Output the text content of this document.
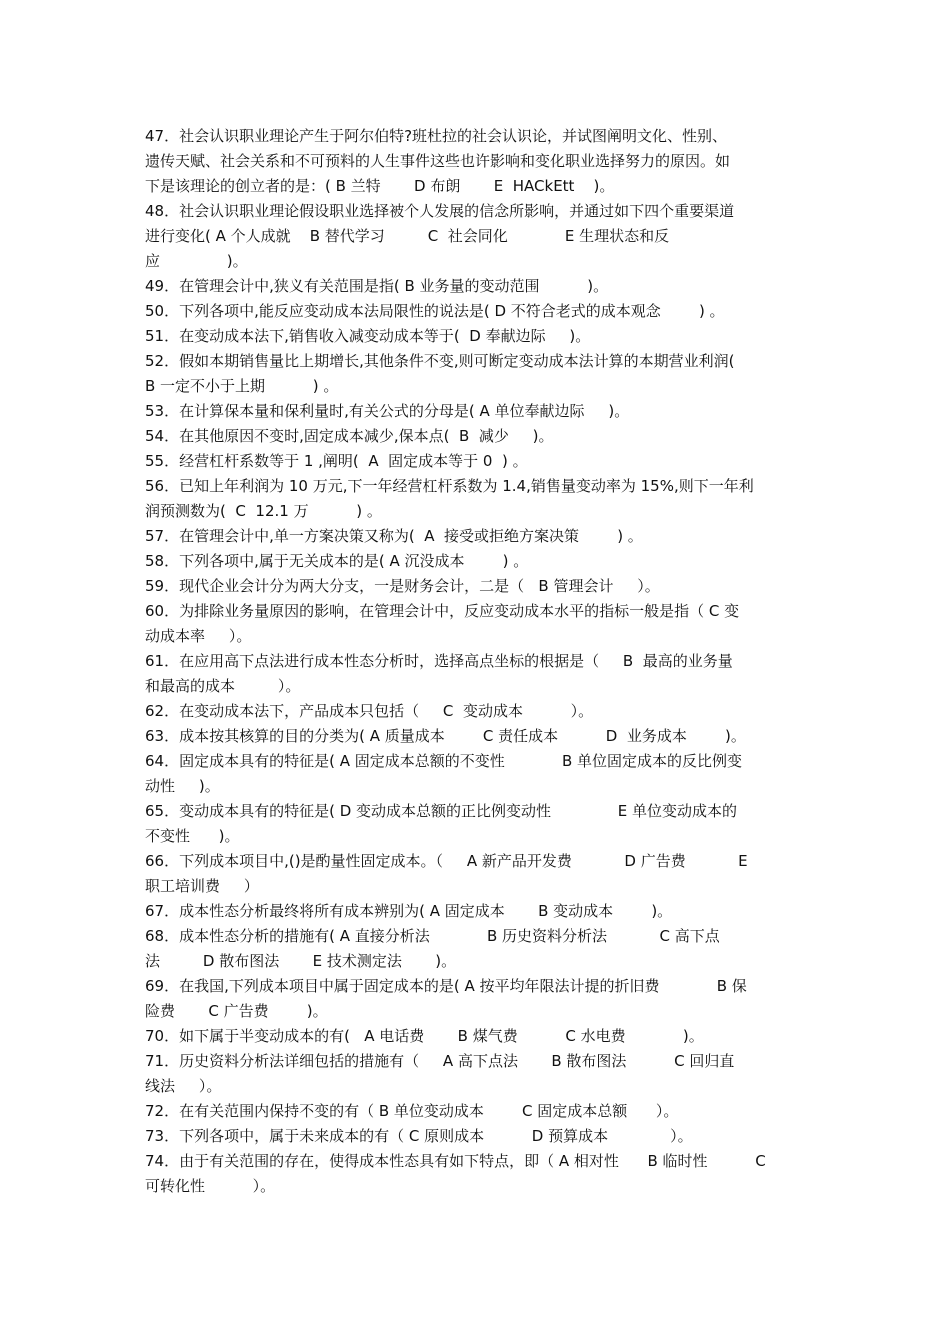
47．社会认识职业理论产生于阿尔伯特?班杜拉的社会认识论，并试图阐明文化、性别、
遗传天赋、社会关系和不可预料的人生事件这些也许影响和变化职业选择努力的原因。如
下是该理论的创立者的是：( B 兰特       D 布朗       E  HACkEtt    )。
48．社会认识职业理论假设职业选择被个人发展的信念所影响，并通过如下四个重要渠道
进行变化( A 个人成就    B 替代学习         C  社会同化            E 生理状态和反
应              )。
49．在管理会计中,狭义有关范围是指( B 业务量的变动范围          )。
50．下列各项中,能反应变动成本法局限性的说法是( D 不符合老式的成本观念        ) 。
51．在变动成本法下,销售收入减变动成本等于(  D 奉献边际     )。
52．假如本期销售量比上期增长,其他条件不变,则可断定变动成本法计算的本期营业利润(
B 一定不小于上期          ) 。
53．在计算保本量和保利量时,有关公式的分母是( A 单位奉献边际     )。
54．在其他原因不变时,固定成本减少,保本点(  B  减少     )。
55．经营杠杆系数等于 1 ,阐明(  A  固定成本等于 0  ) 。
56．已知上年利润为 10 万元,下一年经营杠杆系数为 1.4,销售量变动率为 15%,则下一年利
润预测数为(  C  12.1 万          ) 。
57．在管理会计中,单一方案决策又称为(  A  接受或拒绝方案决策        ) 。
58．下列各项中,属于无关成本的是( A 沉没成本        ) 。
59．现代企业会计分为两大分支，一是财务会计，二是（   B 管理会计     ）。
60．为排除业务量原因的影响，在管理会计中，反应变动成本水平的指标一般是指（ C 变
动成本率     ）。
61．在应用高下点法进行成本性态分析时，选择高点坐标的根据是（     B  最高的业务量
和最高的成本         ）。
62．在变动成本法下，产品成本只包括（     C  变动成本          ）。
63．成本按其核算的目的分类为( A 质量成本        C 责任成本          D  业务成本        )。
64．固定成本具有的特征是( A 固定成本总额的不变性            B 单位固定成本的反比例变
动性     )。
65．变动成本具有的特征是( D 变动成本总额的正比例变动性              E 单位变动成本的
不变性      )。
66．下列成本项目中,()是酌量性固定成本。（     A 新产品开发费           D 广告费           E
职工培训费     ）
67．成本性态分析最终将所有成本辨别为( A 固定成本       B 变动成本        )。
68．成本性态分析的措施有( A 直接分析法            B 历史资料分析法           C 高下点
法         D 散布图法       E 技术测定法       )。
69．在我国,下列成本项目中属于固定成本的是( A 按平均年限法计提的折旧费            B 保
险费       C 广告费        )。
70．如下属于半变动成本的有(   A 电话费       B 煤气费          C 水电费            )。
71．历史资料分析法详细包括的措施有（     A 高下点法       B 散布图法          C 回归直
线法     ）。
72．在有关范围内保持不变的有（ B 单位变动成本        C 固定成本总额      ）。
73．下列各项中，属于未来成本的有（ C 原则成本          D 预算成本             ）。
74．由于有关范围的存在，使得成本性态具有如下特点，即（ A 相对性      B 临时性          C
可转化性          ）。
